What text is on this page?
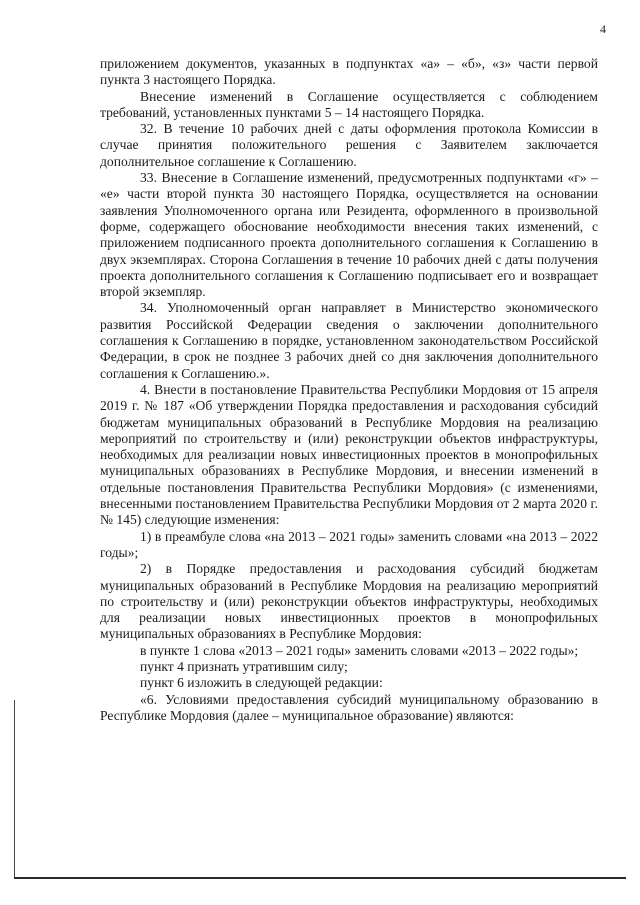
4

приложением документов, указанных в подпунктах «а» – «б», «з» части первой пункта 3 настоящего Порядка.

Внесение изменений в Соглашение осуществляется с соблюдением требований, установленных пунктами 5 – 14 настоящего Порядка.

32. В течение 10 рабочих дней с даты оформления протокола Комиссии в случае принятия положительного решения с Заявителем заключается дополнительное соглашение к Соглашению.

33. Внесение в Соглашение изменений, предусмотренных подпунктами «г» – «е» части второй пункта 30 настоящего Порядка, осуществляется на основании заявления Уполномоченного органа или Резидента, оформленного в произвольной форме, содержащего обоснование необходимости внесения таких изменений, с приложением подписанного проекта дополнительного соглашения к Соглашению в двух экземплярах. Сторона Соглашения в течение 10 рабочих дней с даты получения проекта дополнительного соглашения к Соглашению подписывает его и возвращает второй экземпляр.

34. Уполномоченный орган направляет в Министерство экономического развития Российской Федерации сведения о заключении дополнительного соглашения к Соглашению в порядке, установленном законодательством Российской Федерации, в срок не позднее 3 рабочих дней со дня заключения дополнительного соглашения к Соглашению.».

4. Внести в постановление Правительства Республики Мордовия от 15 апреля 2019 г. № 187 «Об утверждении Порядка предоставления и расходования субсидий бюджетам муниципальных образований в Республике Мордовия на реализацию мероприятий по строительству и (или) реконструкции объектов инфраструктуры, необходимых для реализации новых инвестиционных проектов в монопрофильных муниципальных образованиях в Республике Мордовия, и внесении изменений в отдельные постановления Правительства Республики Мордовия» (с изменениями, внесенными постановлением Правительства Республики Мордовия от 2 марта 2020 г. № 145) следующие изменения:

1) в преамбуле слова «на 2013 – 2021 годы» заменить словами «на 2013 – 2022 годы»;

2) в Порядке предоставления и расходования субсидий бюджетам муниципальных образований в Республике Мордовия на реализацию мероприятий по строительству и (или) реконструкции объектов инфраструктуры, необходимых для реализации новых инвестиционных проектов в монопрофильных муниципальных образованиях в Республике Мордовия:

в пункте 1 слова «2013 – 2021 годы» заменить словами «2013 – 2022 годы»;

пункт 4 признать утратившим силу;

пункт 6 изложить в следующей редакции:

«6. Условиями предоставления субсидий муниципальному образованию в Республике Мордовия (далее – муниципальное образование) являются:
